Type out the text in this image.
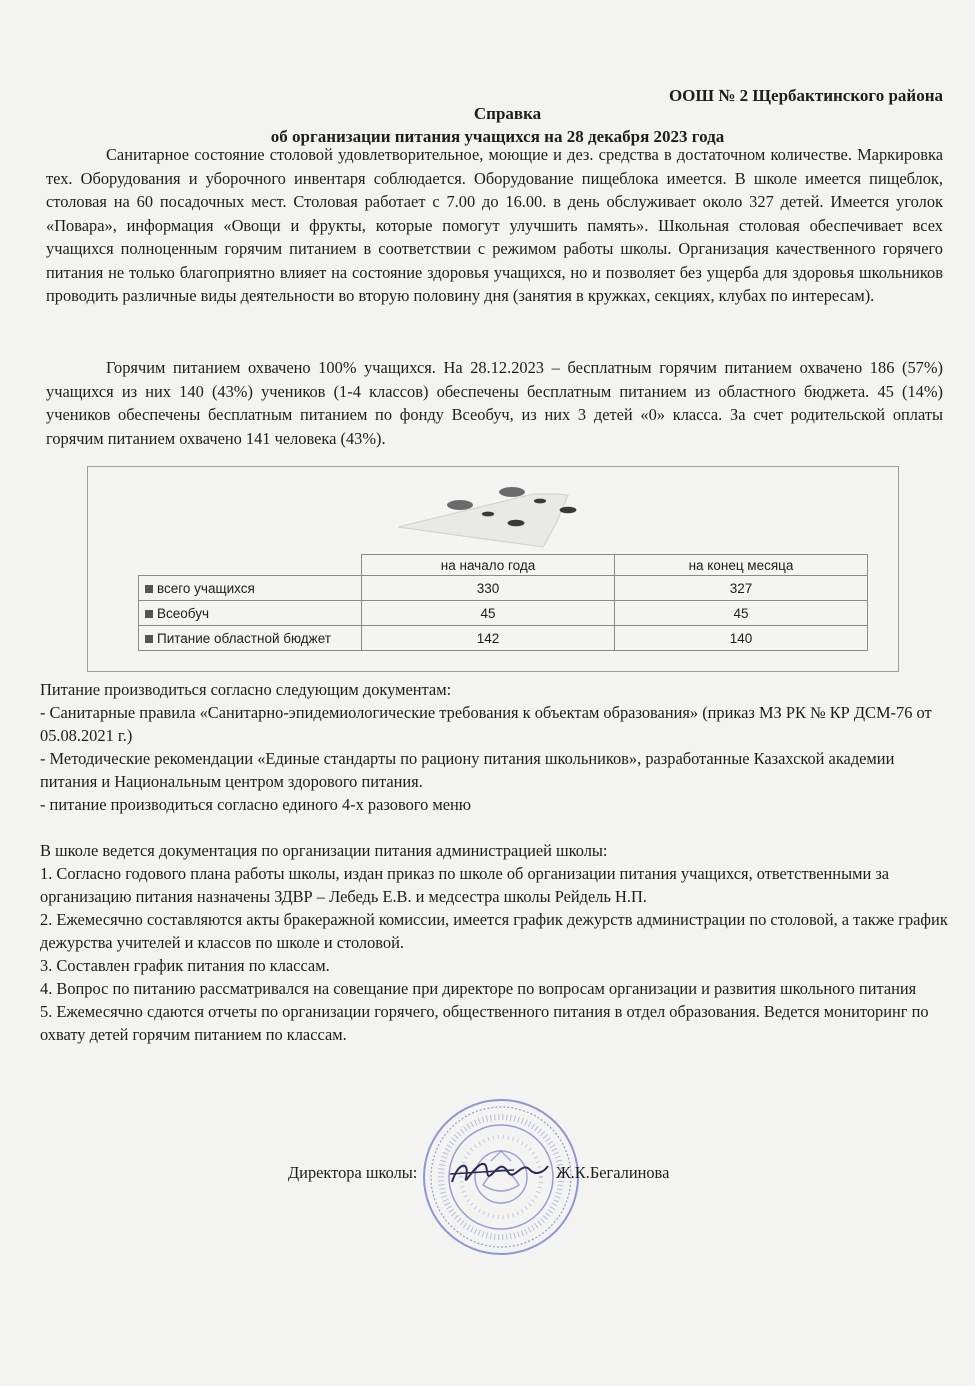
ООШ № 2 Щербактинского района
Справка
об организации питания учащихся на 28 декабря 2023 года

Санитарное состояние столовой удовлетворительное, моющие и дез. средства в достаточном количестве. Маркировка тех. Оборудования и уборочного инвентаря соблюдается. Оборудование пищеблока имеется. В школе имеется пищеблок, столовая на 60 посадочных мест. Столовая работает с 7.00 до 16.00. в день обслуживает около 327 детей. Имеется уголок «Повара», информация «Овощи и фрукты, которые помогут улучшить память». Школьная столовая обеспечивает всех учащихся полноценным горячим питанием в соответствии с режимом работы школы. Организация качественного горячего питания не только благоприятно влияет на состояние здоровья учащихся, но и позволяет без ущерба для здоровья школьников проводить различные виды деятельности во вторую половину дня (занятия в кружках, секциях, клубах по интересам).

Горячим питанием охвачено 100% учащихся. На 28.12.2023 – бесплатным горячим питанием охвачено 186 (57%) учащихся из них 140 (43%) учеников (1-4 классов) обеспечены бесплатным питанием из областного бюджета. 45 (14%) учеников обеспечены бесплатным питанием по фонду Всеобуч, из них 3 детей «0» класса. За счет родительской оплаты горячим питанием охвачено 141 человека (43%).

	на начало года	на конец месяца
всего учащихся	330	327
Всеобуч	45	45
Питание областной бюджет	142	140
Питание производиться согласно следующим документам:
- Санитарные правила «Санитарно-эпидемиологические требования к объектам образования» (приказ МЗ РК № КР ДСМ-76 от 05.08.2021 г.)
- Методические рекомендации «Единые стандарты по рациону питания школьников», разработанные Казахской академии питания и Национальным центром здорового питания.
- питание производиться согласно единого 4-х разового меню
В школе ведется документация по организации питания администрацией школы:
1. Согласно годового плана работы школы, издан приказ по школе об организации питания учащихся, ответственными за организацию питания назначены ЗДВР – Лебедь Е.В. и медсестра школы Рейдель Н.П.
2. Ежемесячно составляются акты бракеражной комиссии, имеется график дежурств администрации по столовой, а также график дежурства учителей и классов по школе и столовой.
3. Составлен график питания по классам.
4. Вопрос по питанию рассматривался на совещание при директоре по вопросам организации и развития школьного питания
5. Ежемесячно сдаются отчеты по организации горячего, общественного питания в отдел образования. Ведется мониторинг по охвату детей горячим питанием по классам.
Директора школы:	Ж.К.Бегалинова
